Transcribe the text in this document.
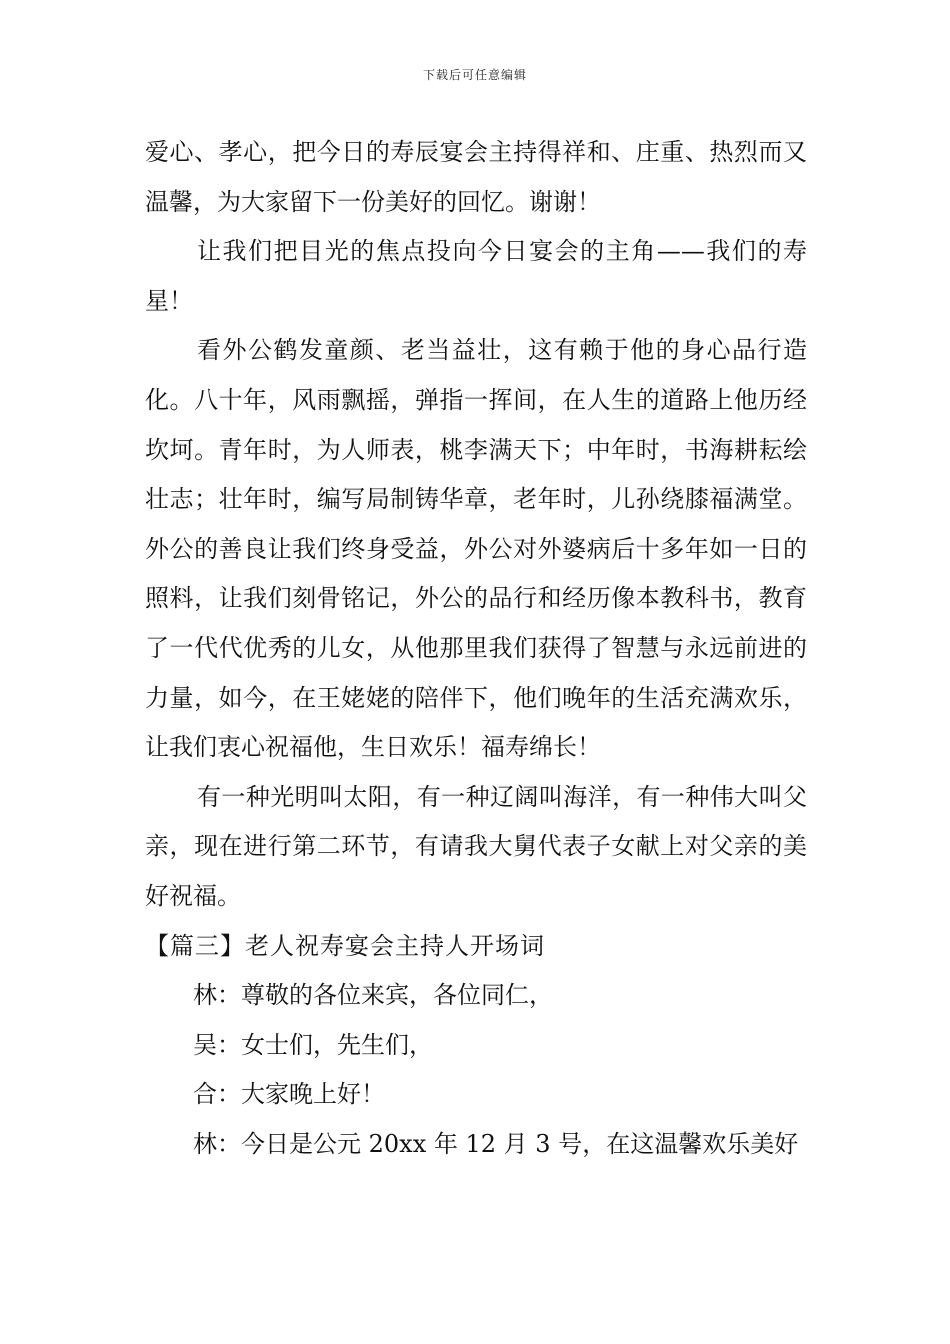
下载后可任意编辑

爱心、孝心，把今日的寿辰宴会主持得祥和、庄重、热烈而又温馨，为大家留下一份美好的回忆。谢谢！

让我们把目光的焦点投向今日宴会的主角——我们的寿星！

看外公鹤发童颜、老当益壮，这有赖于他的身心品行造化。八十年，风雨飘摇，弹指一挥间，在人生的道路上他历经坎坷。青年时，为人师表，桃李满天下；中年时，书海耕耘绘壮志；壮年时，编写局制铸华章，老年时，儿孙绕膝福满堂。外公的善良让我们终身受益，外公对外婆病后十多年如一日的照料，让我们刻骨铭记，外公的品行和经历像本教科书，教育了一代代优秀的儿女，从他那里我们获得了智慧与永远前进的力量，如今，在王姥姥的陪伴下，他们晚年的生活充满欢乐，让我们衷心祝福他，生日欢乐！福寿绵长！

有一种光明叫太阳，有一种辽阔叫海洋，有一种伟大叫父亲，现在进行第二环节，有请我大舅代表子女献上对父亲的美好祝福。

【篇三】老人祝寿宴会主持人开场词

林：尊敬的各位来宾，各位同仁，

吴：女士们，先生们，

合：大家晚上好！

林：今日是公元 20xx 年 12 月 3 号，在这温馨欢乐美好
